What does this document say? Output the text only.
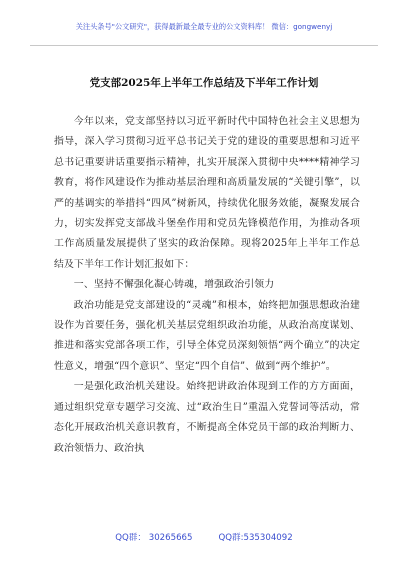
关注头条号"公文研究"，获得最新最全最专业的公文资料库！ 微信：gongwenyj
党支部2025年上半年工作总结及下半年工作计划

今年以来，党支部坚持以习近平新时代中国特色社会主义思想为指导，深入学习贯彻习近平总书记关于党的建设的重要思想和习近平总书记重要讲话重要指示精神，扎实开展深入贯彻中央****精神学习教育，将作风建设作为推动基层治理和高质量发展的“关键引擎”，以严的基调实的举措抖“四风”树新风，持续优化服务效能，凝聚发展合力，切实发挥党支部战斗堡垒作用和党员先锋模范作用，为推动各项工作高质量发展提供了坚实的政治保障。现将2025年上半年工作总结及下半年工作计划汇报如下：

一、坚持不懈强化凝心铸魂，增强政治引领力

政治功能是党支部建设的“灵魂”和根本，始终把加强思想政治建设作为首要任务，强化机关基层党组织政治功能，从政治高度谋划、推进和落实党部各项工作，引导全体党员深刻领悟“两个确立”的决定性意义，增强“四个意识”、坚定“四个自信”、做到“两个维护”。

一是强化政治机关建设。始终把讲政治体现到工作的方方面面，通过组织党章专题学习交流、过“政治生日”重温入党誓词等活动，常态化开展政治机关意识教育，不断提高全体党员干部的政治判断力、政治领悟力、政治执

QQ群： 30265665	QQ群:535304092
